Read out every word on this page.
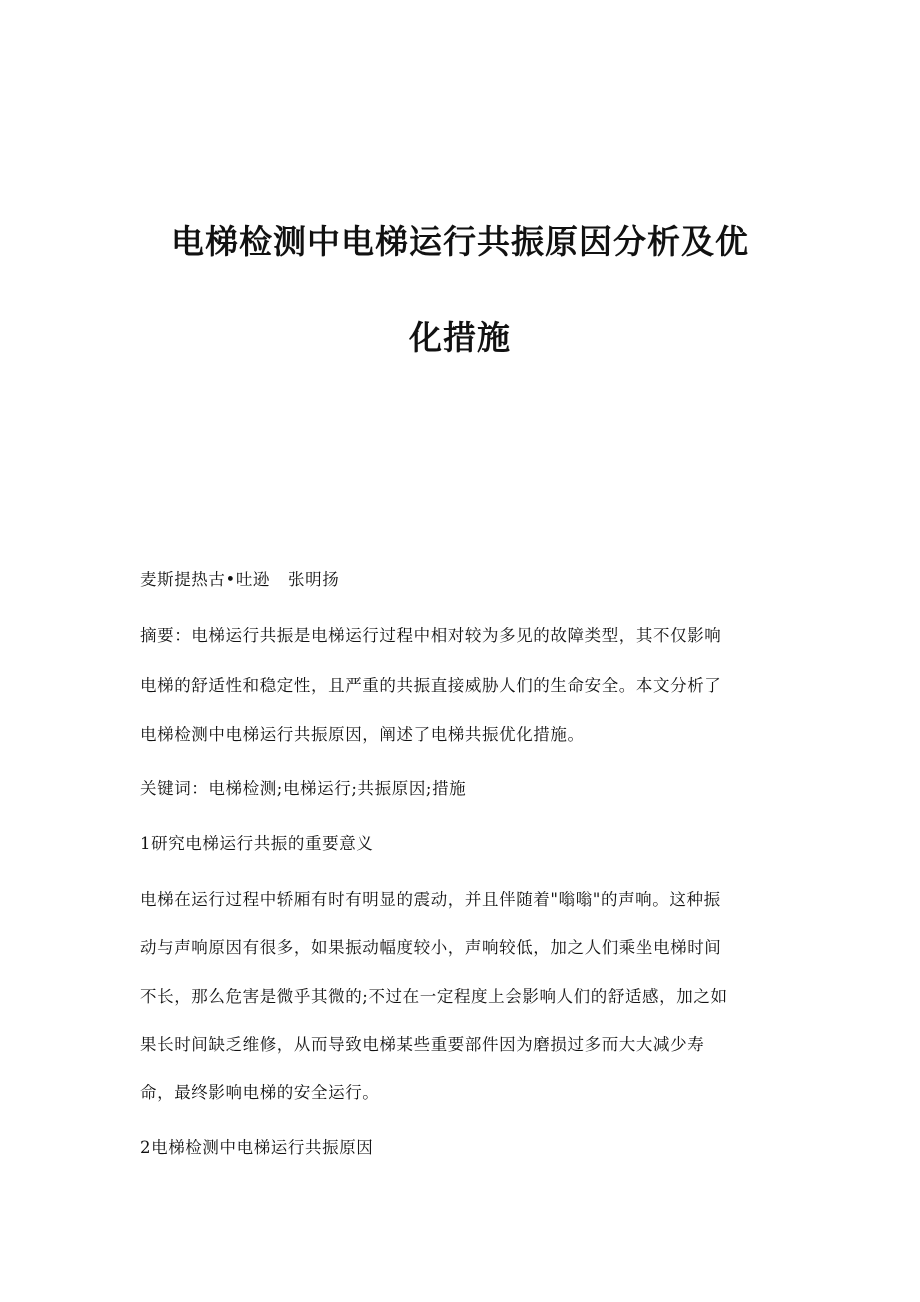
电梯检测中电梯运行共振原因分析及优
化措施

麦斯提热古•吐逊 张明扬

摘要：电梯运行共振是电梯运行过程中相对较为多见的故障类型，其不仅影响

电梯的舒适性和稳定性，且严重的共振直接威胁人们的生命安全。本文分析了

电梯检测中电梯运行共振原因，阐述了电梯共振优化措施。

关键词：电梯检测;电梯运行;共振原因;措施

1研究电梯运行共振的重要意义

电梯在运行过程中轿厢有时有明显的震动，并且伴随着"嗡嗡"的声响。这种振

动与声响原因有很多，如果振动幅度较小，声响较低，加之人们乘坐电梯时间

不长，那么危害是微乎其微的;不过在一定程度上会影响人们的舒适感，加之如

果长时间缺乏维修，从而导致电梯某些重要部件因为磨损过多而大大减少寿

命，最终影响电梯的安全运行。

2电梯检测中电梯运行共振原因
